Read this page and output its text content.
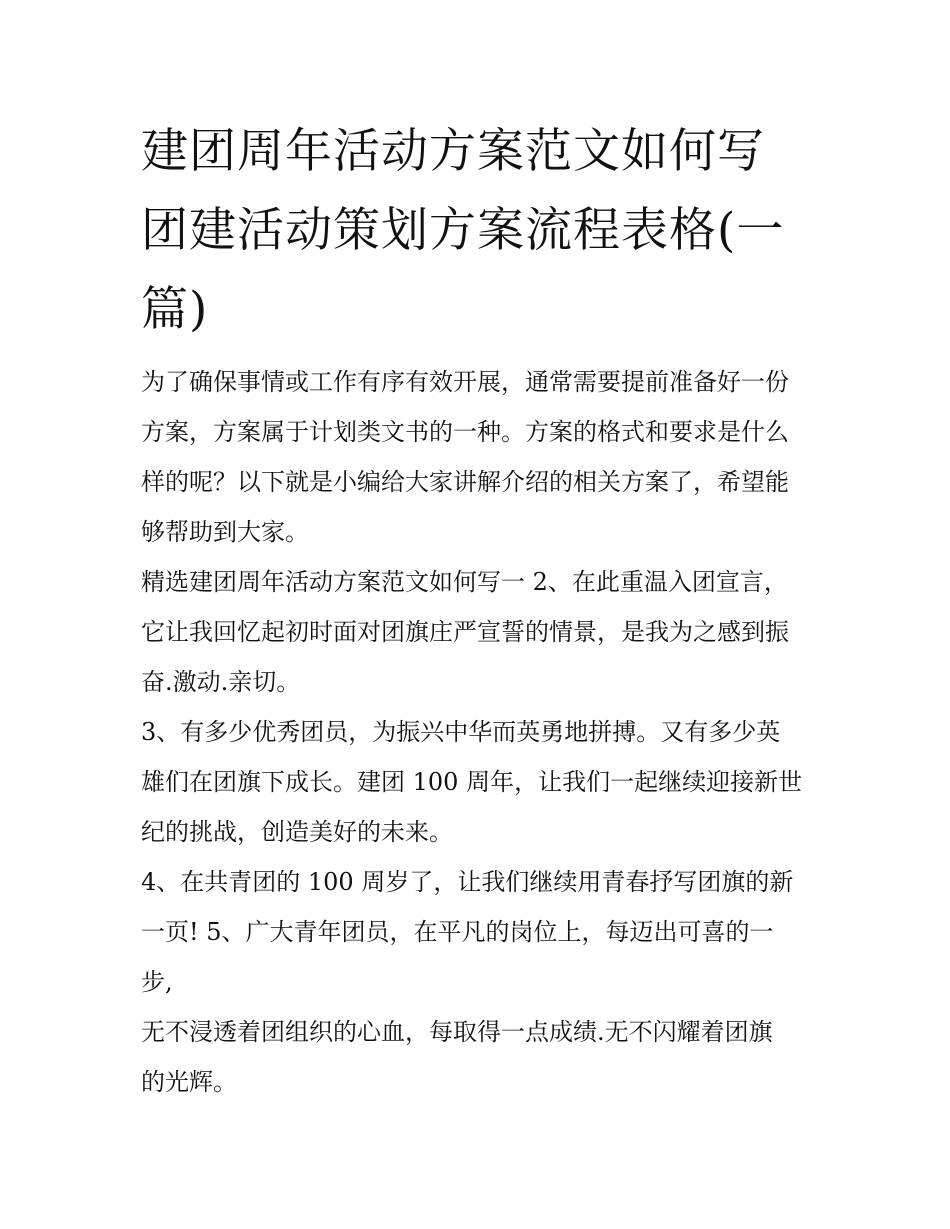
建团周年活动方案范文如何写
团建活动策划方案流程表格(一
篇)

为了确保事情或工作有序有效开展，通常需要提前准备好一份
方案，方案属于计划类文书的一种。方案的格式和要求是什么
样的呢？以下就是小编给大家讲解介绍的相关方案了，希望能
够帮助到大家。

精选建团周年活动方案范文如何写一 2、在此重温入团宣言，
它让我回忆起初时面对团旗庄严宣誓的情景，是我为之感到振
奋.激动.亲切。

3、有多少优秀团员，为振兴中华而英勇地拼搏。又有多少英
雄们在团旗下成长。建团 100 周年，让我们一起继续迎接新世
纪的挑战，创造美好的未来。

4、在共青团的 100 周岁了，让我们继续用青春抒写团旗的新
一页! 5、广大青年团员，在平凡的岗位上，每迈出可喜的一
步,

无不浸透着团组织的心血，每取得一点成绩.无不闪耀着团旗
的光辉。
